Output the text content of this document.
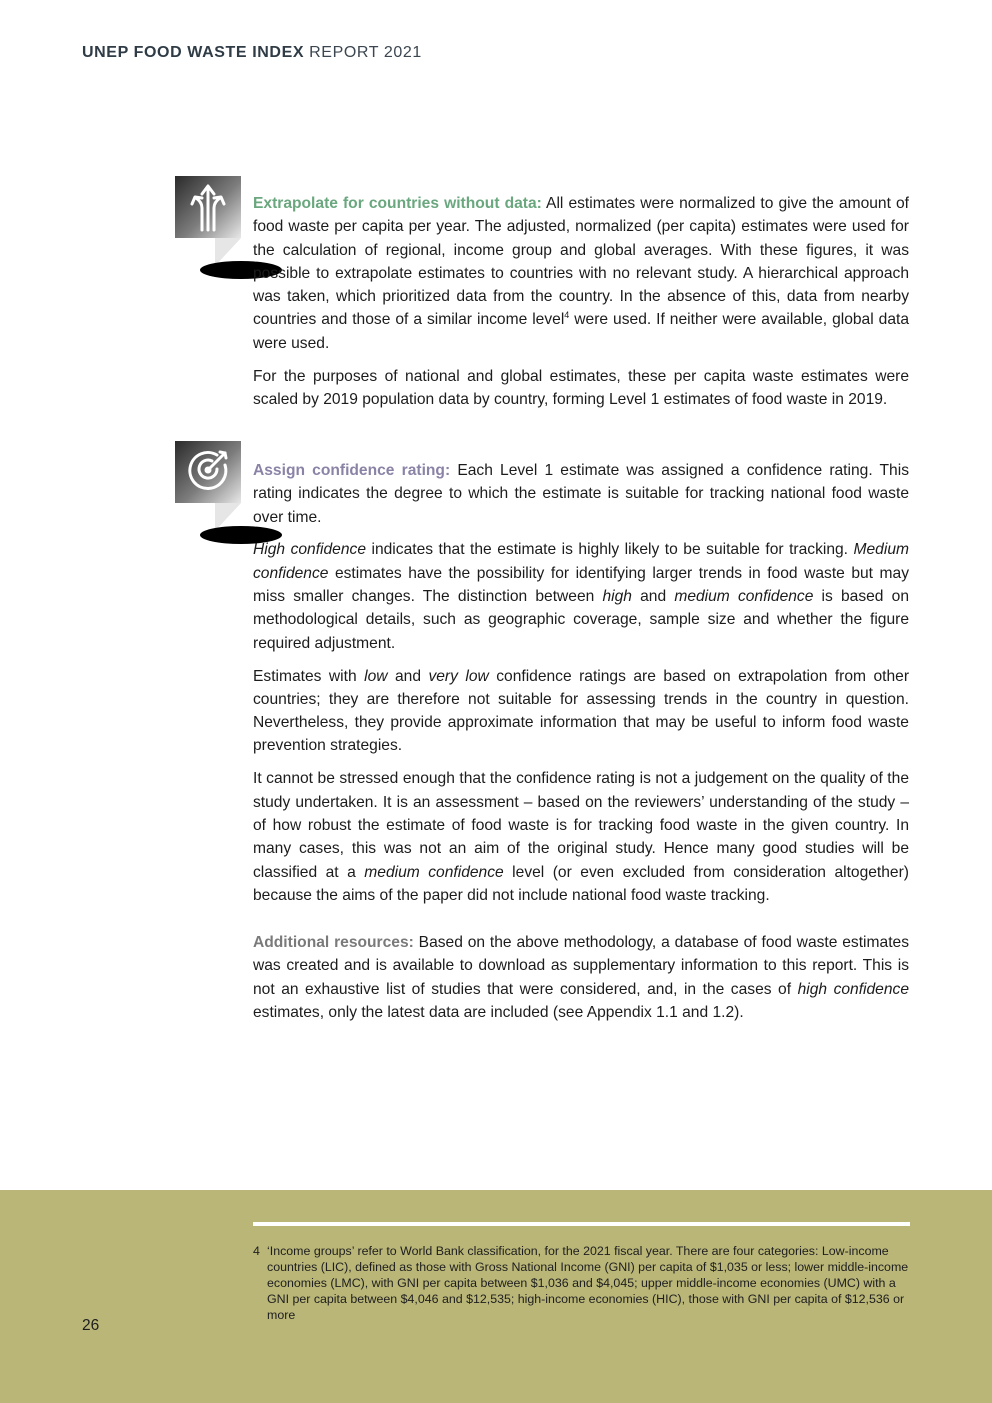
UNEP FOOD WASTE INDEX REPORT 2021

Extrapolate for countries without data: All estimates were normalized to give the amount of food waste per capita per year. The adjusted, normalized (per capita) estimates were used for the calculation of regional, income group and global averages. With these figures, it was possible to extrapolate estimates to countries with no relevant study. A hierarchical approach was taken, which prioritized data from the country. In the absence of this, data from nearby countries and those of a similar income level$^4$ were used. If neither were available, global data were used.

For the purposes of national and global estimates, these per capita waste estimates were scaled by 2019 population data by country, forming Level 1 estimates of food waste in 2019.

Assign confidence rating: Each Level 1 estimate was assigned a confidence rating. This rating indicates the degree to which the estimate is suitable for tracking national food waste over time.

High confidence indicates that the estimate is highly likely to be suitable for tracking. Medium confidence estimates have the possibility for identifying larger trends in food waste but may miss smaller changes. The distinction between high and medium confidence is based on methodological details, such as geographic coverage, sample size and whether the figure required adjustment.

Estimates with low and very low confidence ratings are based on extrapolation from other countries; they are therefore not suitable for assessing trends in the country in question. Nevertheless, they provide approximate information that may be useful to inform food waste prevention strategies.

It cannot be stressed enough that the confidence rating is not a judgement on the quality of the study undertaken. It is an assessment – based on the reviewers’ understanding of the study – of how robust the estimate of food waste is for tracking food waste in the given country. In many cases, this was not an aim of the original study. Hence many good studies will be classified at a medium confidence level (or even excluded from consideration altogether) because the aims of the paper did not include national food waste tracking.

Additional resources: Based on the above methodology, a database of food waste estimates was created and is available to download as supplementary information to this report. This is not an exhaustive list of studies that were considered, and, in the cases of high confidence estimates, only the latest data are included (see Appendix 1.1 and 1.2).

4 ‘Income groups’ refer to World Bank classification, for the 2021 fiscal year. There are four categories: Low-income countries (LIC), defined as those with Gross National Income (GNI) per capita of $1,035 or less; lower middle-income economies (LMC), with GNI per capita between $1,036 and $4,045; upper middle-income economies (UMC) with a GNI per capita between $4,046 and $12,535; high-income economies (HIC), those with GNI per capita of $12,536 or more
26
